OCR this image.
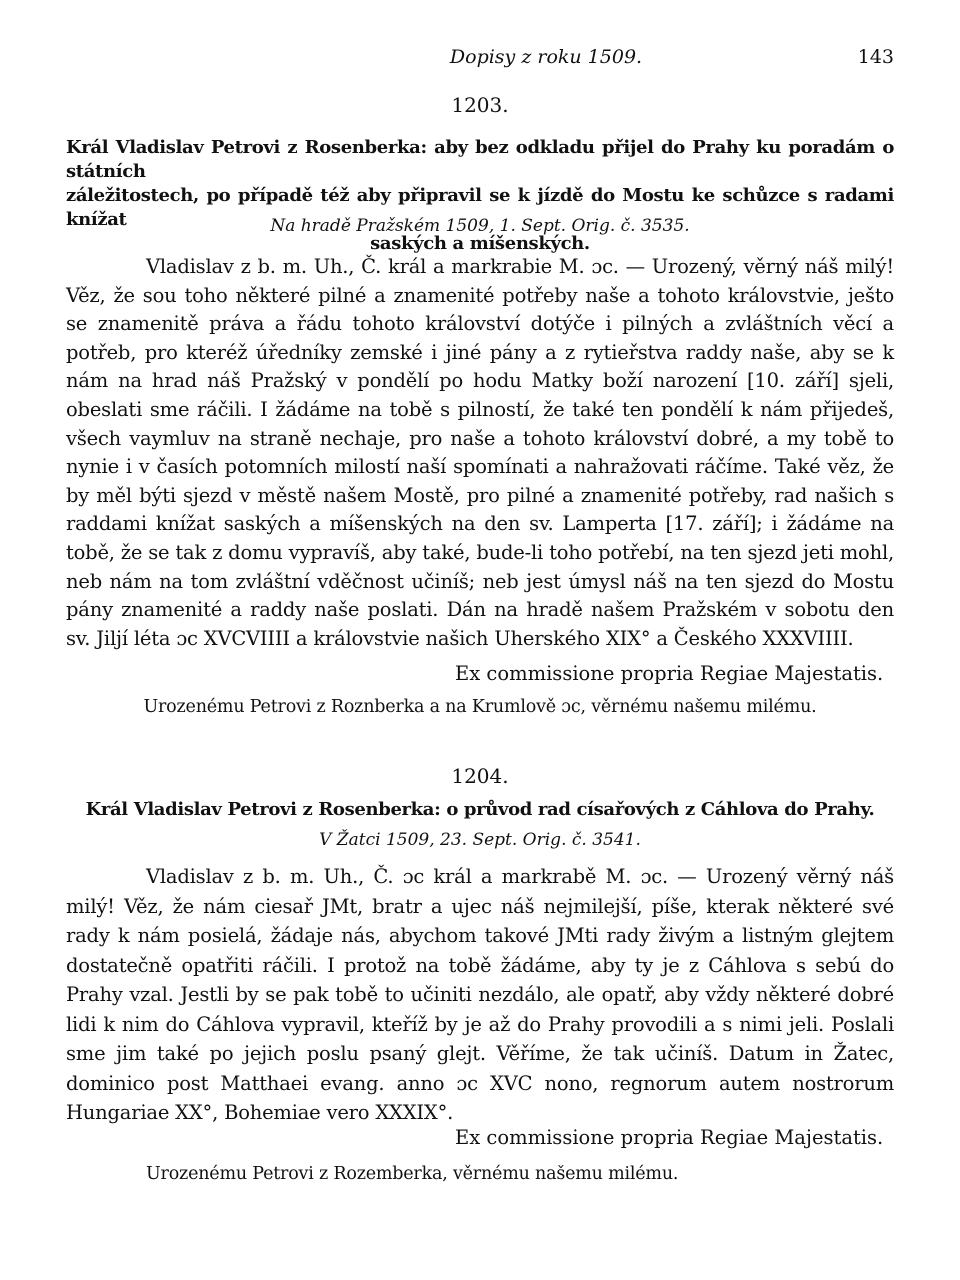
Dopisy z roku 1509.	143
1203.
Král Vladislav Petrovi z Rosenberka: aby bez odkladu přijel do Prahy ku poradám o státních
záležitostech, po případě též aby připravil se k jízdě do Mostu ke schůzce s radami knížat
saských a míšenských.
Na hradě Pražském 1509, 1. Sept. Orig. č. 3535.
Vladislav z b. m. Uh., Č. král a markrabie M. ɔc. — Urozený, věrný náš milý! Věz, že sou toho některé pilné a znamenité potřeby naše a tohoto královstvie, ješto se znamenitě práva a řádu tohoto království dotýče i pilných a zvláštních věcí a potřeb, pro kteréž úředníky zemské i jiné pány a z rytieřstva raddy naše, aby se k nám na hrad náš Pražský v pondělí po hodu Matky boží narození [10. září] sjeli, obeslati sme ráčili. I žádáme na tobě s pilností, že také ten pondělí k nám přijedeš, všech vaymluv na straně nechaje, pro naše a tohoto království dobré, a my tobě to nynie i v časích potomních milostí naší spomínati a nahražovati ráčíme. Také věz, že by měl býti sjezd v městě našem Mostě, pro pilné a znamenité potřeby, rad našich s raddami knížat saských a míšenských na den sv. Lamperta [17. září]; i žádáme na tobě, že se tak z domu vypravíš, aby také, bude-li toho potřebí, na ten sjezd jeti mohl, neb nám na tom zvláštní vděčnost učiníš; neb jest úmysl náš na ten sjezd do Mostu pány znamenité a raddy naše poslati. Dán na hradě našem Pražském v sobotu den sv. Jiljí léta ɔc XVCVIIII a královstvie našich Uherského XIX° a Českého XXXVIIII.
Ex commissione propria Regiae Majestatis.
Urozenému Petrovi z Roznberka a na Krumlově ɔc, věrnému našemu milému.
1204.
Král Vladislav Petrovi z Rosenberka: o průvod rad císařových z Cáhlova do Prahy.
V Žatci 1509, 23. Sept. Orig. č. 3541.
Vladislav z b. m. Uh., Č. ɔc král a markrabě M. ɔc. — Urozený věrný náš milý! Věz, že nám ciesař JMt, bratr a ujec náš nejmilejší, píše, kterak některé své rady k nám posielá, žádaje nás, abychom takové JMti rady živým a listným glejtem dostatečně opatřiti ráčili. I protož na tobě žádáme, aby ty je z Cáhlova s sebú do Prahy vzal. Jestli by se pak tobě to učiniti nezdálo, ale opatř, aby vždy některé dobré lidi k nim do Cáhlova vypravil, kteříž by je až do Prahy provodili a s nimi jeli. Poslali sme jim také po jejich poslu psaný glejt. Věříme, že tak učiníš. Datum in Žatec, dominico post Matthaei evang. anno ɔc XVC nono, regnorum autem nostrorum Hungariae XX°, Bohemiae vero XXXIX°.
Ex commissione propria Regiae Majestatis.
Urozenému Petrovi z Rozemberka, věrnému našemu milému.
